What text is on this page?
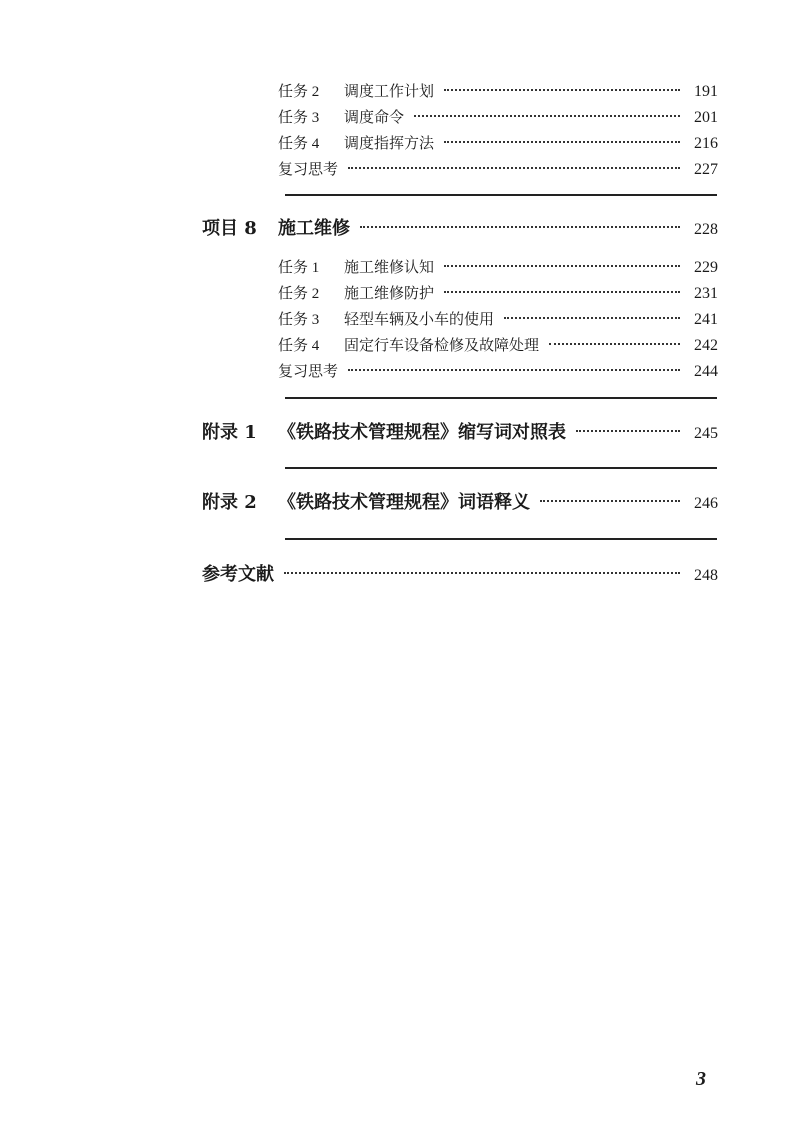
任务 2	调度工作计划	191
任务 3	调度命令	201
任务 4	调度指挥方法	216
复习思考	227
项目 8	施工维修	228
任务 1	施工维修认知	229
任务 2	施工维修防护	231
任务 3	轻型车辆及小车的使用	241
任务 4	固定行车设备检修及故障处理	242
复习思考	244
附录 1	《铁路技术管理规程》缩写词对照表	245
附录 2	《铁路技术管理规程》词语释义	246
参考文献	248
3
